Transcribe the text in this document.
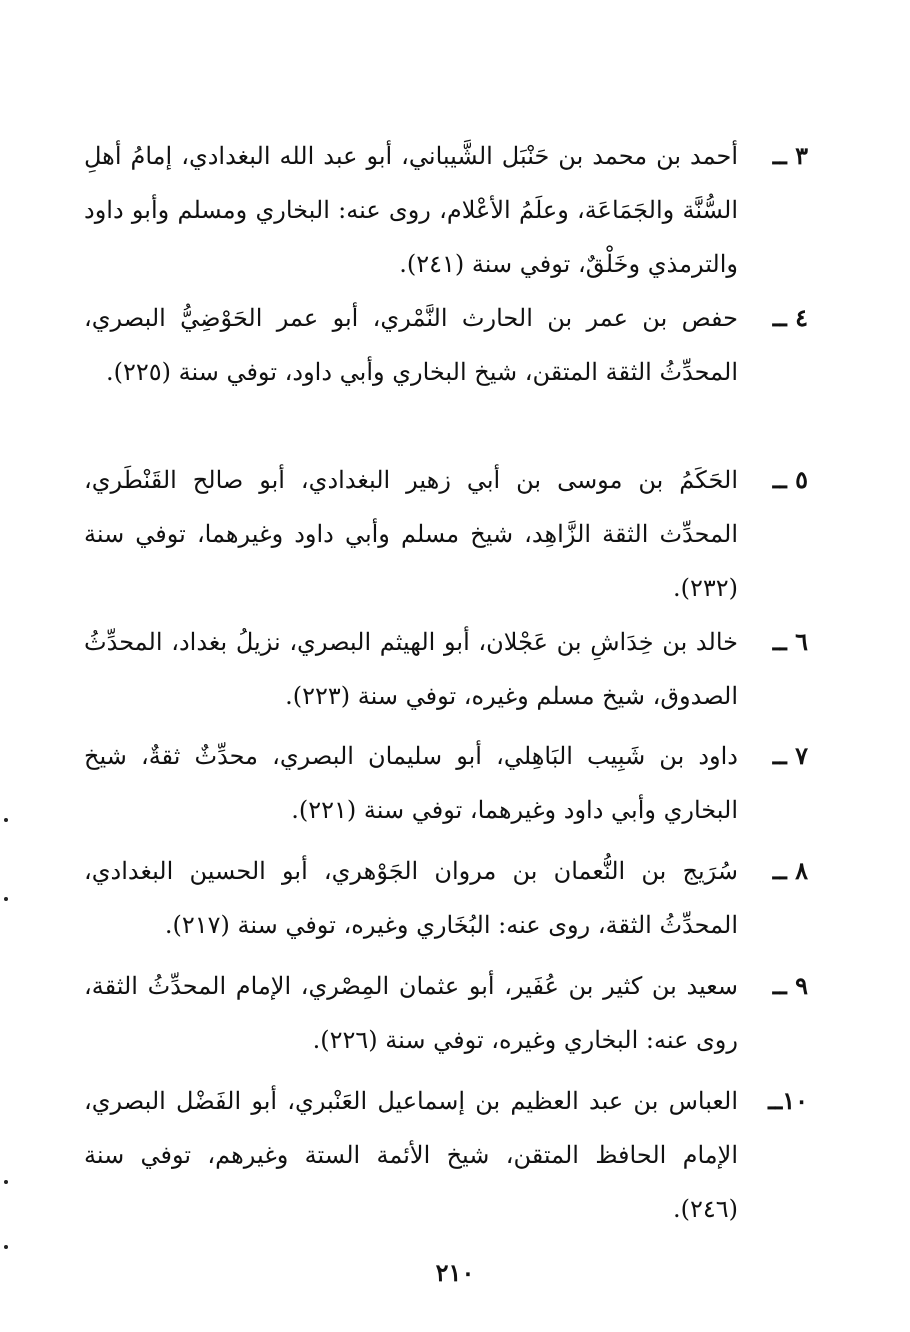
٣ ــ
أحمد بن محمد بن حَنْبَل الشَّيباني، أبو عبد الله البغدادي، إمامُ أهلِ السُّنَّة والجَمَاعَة، وعلَمُ الأعْلام، روى عنه: البخاري ومسلم وأبو داود والترمذي وخَلْقٌ، توفي سنة (٢٤١).
٤ ــ
حفص بن عمر بن الحارث النَّمْري، أبو عمر الحَوْضِيُّ البصري، المحدِّثُ الثقة المتقن، شيخ البخاري وأبي داود، توفي سنة (٢٢٥).
٥ ــ
الحَكَمُ بن موسى بن أبي زهير البغدادي، أبو صالح القَنْطَري، المحدِّث الثقة الزَّاهِد، شيخ مسلم وأبي داود وغيرهما، توفي سنة (٢٣٢).
٦ ــ
خالد بن خِدَاشِ بن عَجْلان، أبو الهيثم البصري، نزيلُ بغداد، المحدِّثُ الصدوق، شيخ مسلم وغيره، توفي سنة (٢٢٣).
٧ ــ
داود بن شَبِيب البَاهِلي، أبو سليمان البصري، محدِّثٌ ثقةٌ، شيخ البخاري وأبي داود وغيرهما، توفي سنة (٢٢١).
٨ ــ
سُرَيج بن النُّعمان بن مروان الجَوْهري، أبو الحسين البغدادي، المحدِّثُ الثقة، روى عنه: البُخَاري وغيره، توفي سنة (٢١٧).
٩ ــ
سعيد بن كثير بن عُفَير، أبو عثمان المِصْري، الإمام المحدِّثُ الثقة، روى عنه: البخاري وغيره، توفي سنة (٢٢٦).
١٠ــ
العباس بن عبد العظيم بن إسماعيل العَنْبري، أبو الفَضْل البصري، الإمام الحافظ المتقن، شيخ الأئمة الستة وغيرهم، توفي سنة (٢٤٦).
٢١٠
